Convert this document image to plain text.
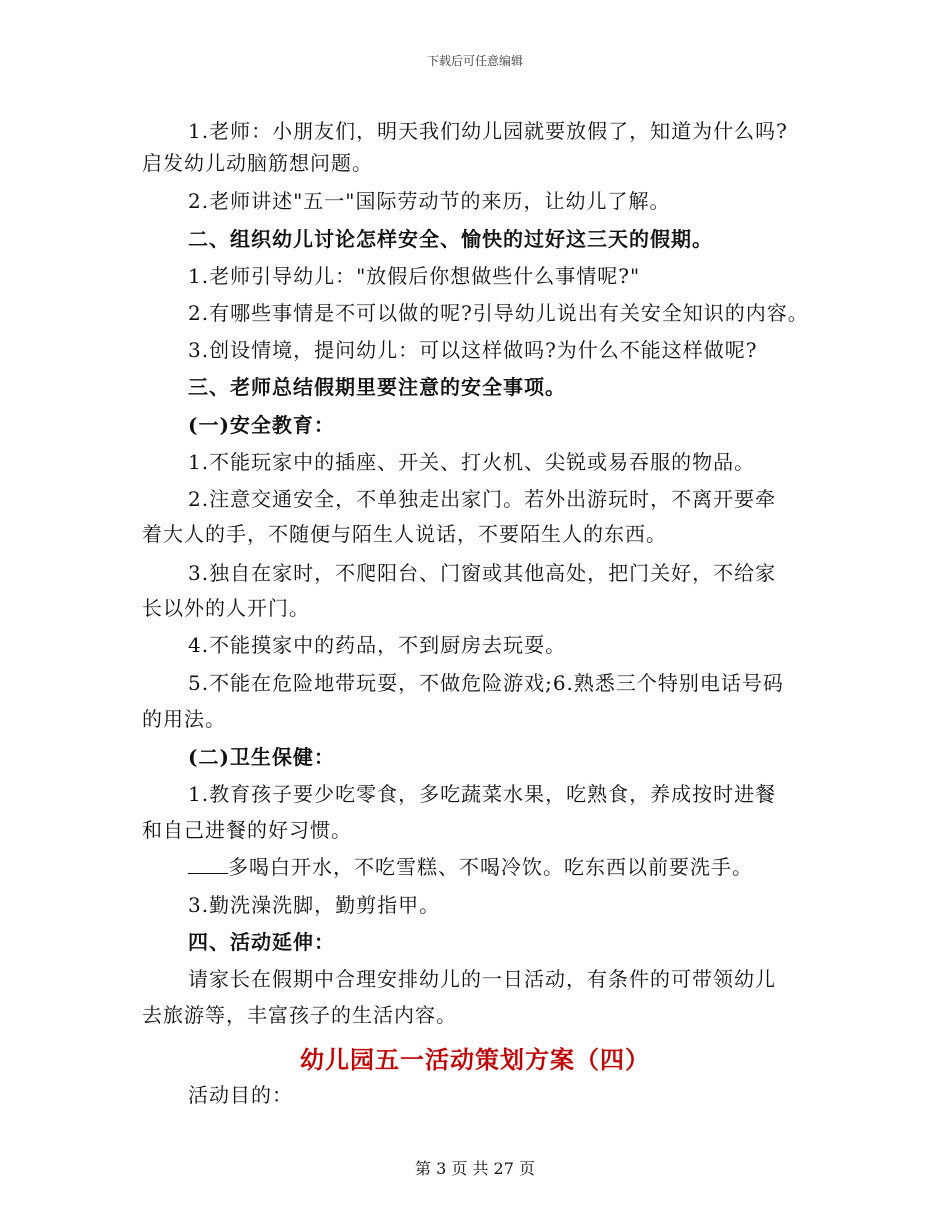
下载后可任意编辑
1.老师：小朋友们，明天我们幼儿园就要放假了，知道为什么吗?
启发幼儿动脑筋想问题。
2.老师讲述"五一"国际劳动节的来历，让幼儿了解。
二、组织幼儿讨论怎样安全、愉快的过好这三天的假期。
1.老师引导幼儿："放假后你想做些什么事情呢?"
2.有哪些事情是不可以做的呢?引导幼儿说出有关安全知识的内容。
3.创设情境，提问幼儿：可以这样做吗?为什么不能这样做呢?
三、老师总结假期里要注意的安全事项。
(一)安全教育：
1.不能玩家中的插座、开关、打火机、尖锐或易吞服的物品。
2.注意交通安全，不单独走出家门。若外出游玩时，不离开要牵
着大人的手，不随便与陌生人说话，不要陌生人的东西。
3.独自在家时，不爬阳台、门窗或其他高处，把门关好，不给家
长以外的人开门。
4.不能摸家中的药品，不到厨房去玩耍。
5.不能在危险地带玩耍，不做危险游戏;6.熟悉三个特别电话号码
的用法。
(二)卫生保健：
1.教育孩子要少吃零食，多吃蔬菜水果，吃熟食，养成按时进餐
和自己进餐的好习惯。
多喝白开水，不吃雪糕、不喝冷饮。吃东西以前要洗手。
3.勤洗澡洗脚，勤剪指甲。
四、活动延伸：
请家长在假期中合理安排幼儿的一日活动，有条件的可带领幼儿
去旅游等，丰富孩子的生活内容。
幼儿园五一活动策划方案（四）
活动目的：
第 3 页 共 27 页
